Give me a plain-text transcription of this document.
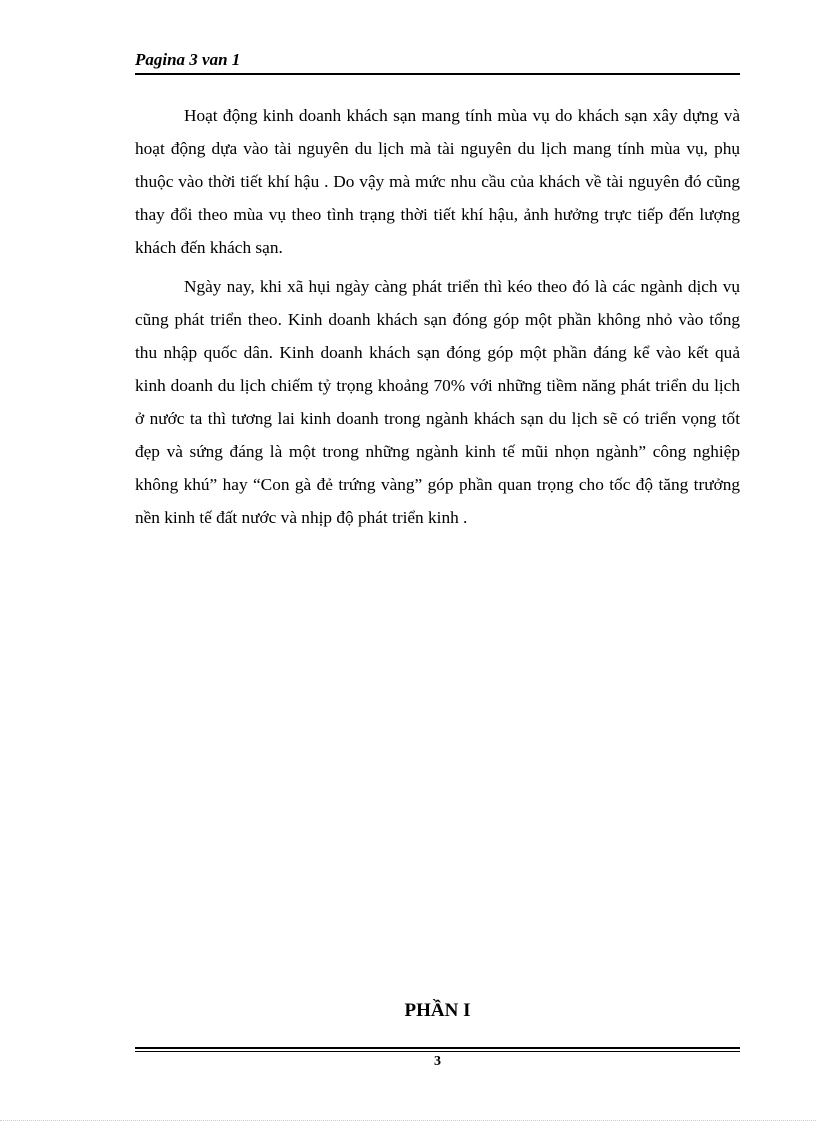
Pagina 3 van 1

Hoạt động kinh doanh khách sạn mang tính mùa vụ do khách sạn xây dựng và hoạt động dựa vào tài nguyên du lịch mà tài nguyên du lịch mang tính mùa vụ, phụ thuộc vào thời tiết khí hậu . Do vậy mà mức nhu cầu của khách về tài nguyên đó cũng thay đổi theo mùa vụ theo tình trạng thời tiết khí hậu, ảnh hưởng trực tiếp đến lượng khách đến khách sạn.

Ngày nay, khi xã hụi ngày càng phát triển thì kéo theo đó là các ngành dịch vụ cũng phát triển theo. Kinh doanh khách sạn đóng góp một phần không nhỏ vào tổng thu nhập quốc dân. Kinh doanh khách sạn đóng góp một phần đáng kể vào kết quả kinh doanh du lịch chiếm tỷ trọng khoảng 70% với những tiềm năng phát triển du lịch ở nước ta thì tương lai kinh doanh trong ngành khách sạn du lịch sẽ có triển vọng tốt đẹp và sứng đáng là một trong những ngành kinh tế mũi nhọn ngành” công nghiệp không khú” hay “Con gà đẻ trứng vàng” góp phần quan trọng cho tốc độ tăng trưởng nền kinh tế đất nước và nhịp độ phát triển kinh .

PHẦN I
3
